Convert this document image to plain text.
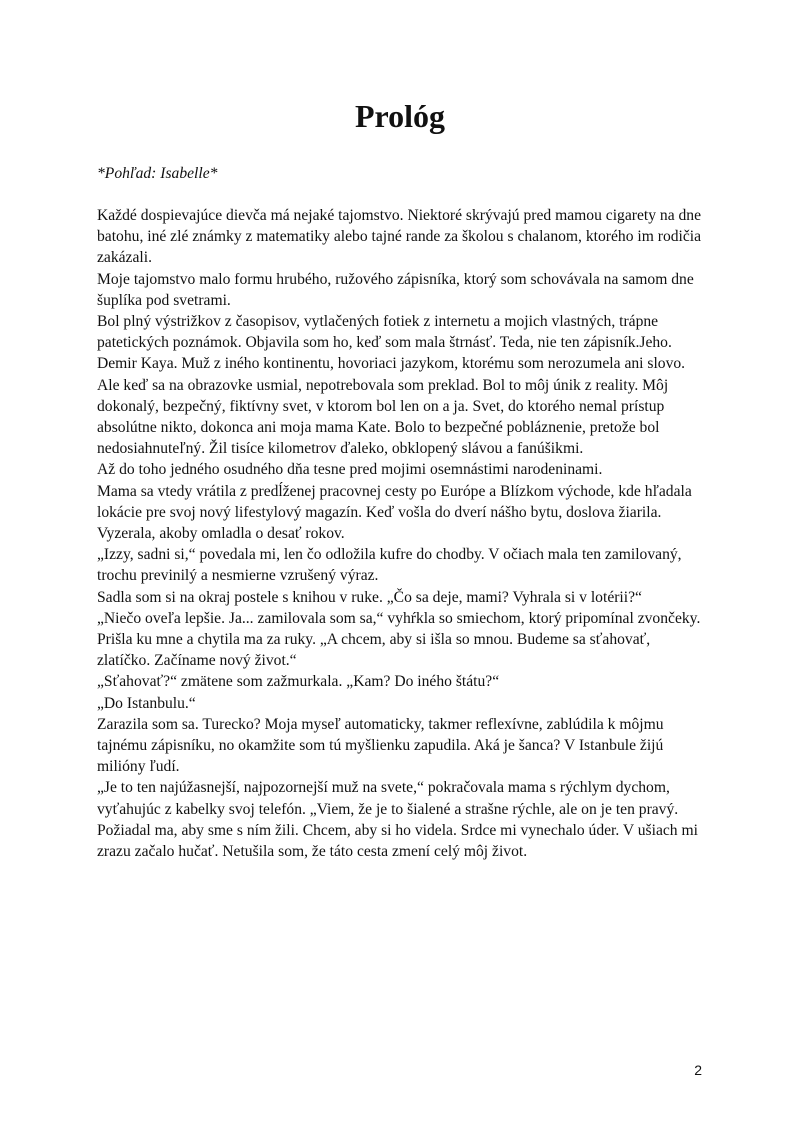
Prológ

*Pohľad: Isabelle*

Každé dospievajúce dievča má nejaké tajomstvo. Niektoré skrývajú pred mamou cigarety na dne batohu, iné zlé známky z matematiky alebo tajné rande za školou s chalanom, ktorého im rodičia zakázali.

Moje tajomstvo malo formu hrubého, ružového zápisníka, ktorý som schovávala na samom dne šuplíka pod svetrami.

Bol plný výstrižkov z časopisov, vytlačených fotiek z internetu a mojich vlastných, trápne patetických poznámok. Objavila som ho, keď som mala štrnásť. Teda, nie ten zápisník.Jeho. Demir Kaya. Muž z iného kontinentu, hovoriaci jazykom, ktorému som nerozumela ani slovo. Ale keď sa na obrazovke usmial, nepotrebovala som preklad. Bol to môj únik z reality. Môj dokonalý, bezpečný, fiktívny svet, v ktorom bol len on a ja. Svet, do ktorého nemal prístup absolútne nikto, dokonca ani moja mama Kate. Bolo to bezpečné poblázneni​e, pretože bol nedosiahnuteľný. Žil tisíce kilometrov ďaleko, obklopený slávou a fanúšikmi.

Až do toho jedného osudného dňa tesne pred mojimi osemnástimi narodeninami.

Mama sa vtedy vrátila z predĺženej pracovnej cesty po Európe a Blízkom východe, kde hľadala lokácie pre svoj nový lifestylový magazín. Keď vošla do dverí nášho bytu, doslova žiarila. Vyzerala, akoby omladla o desať rokov.

„Izzy, sadni si,“ povedala mi, len čo odložila kufre do chodby. V očiach mala ten zamilovaný, trochu previnilý a nesmierne vzrušený výraz.

Sadla som si na okraj postele s knihou v ruke. „Čo sa deje, mami? Vyhrala si v lotérii?“

„Niečo oveľa lepšie. Ja... zamilovala som sa,“ vyhŕkla so smiechom, ktorý pripomínal zvončeky. Prišla ku mne a chytila ma za ruky. „A chcem, aby si išla so mnou. Budeme sa sťahovať, zlatíčko. Začíname nový život.“

„Sťahovať?“ zmätene som zažmurkala. „Kam? Do iného štátu?“

„Do Istanbulu.“

Zarazila som sa. Turecko? Moja myseľ automaticky, takmer reflexívne, zablúdila k môjmu tajnému zápisníku, no okamžite som tú myšlienku zapudila. Aká je šanca? V Istanbule žijú milióny ľudí.

„Je to ten najúžasnejší, najpozornejší muž na svete,“ pokračovala mama s rýchlym dychom, vyťahujúc z kabelky svoj telefón. „Viem, že je to šialené a strašne rýchle, ale on je ten pravý. Požiadal ma, aby sme s ním žili. Chcem, aby si ho videla. Srdce mi vynechalo úder. V ušiach mi zrazu začalo hučať. Netušila som, že táto cesta zmení celý môj život.

2
